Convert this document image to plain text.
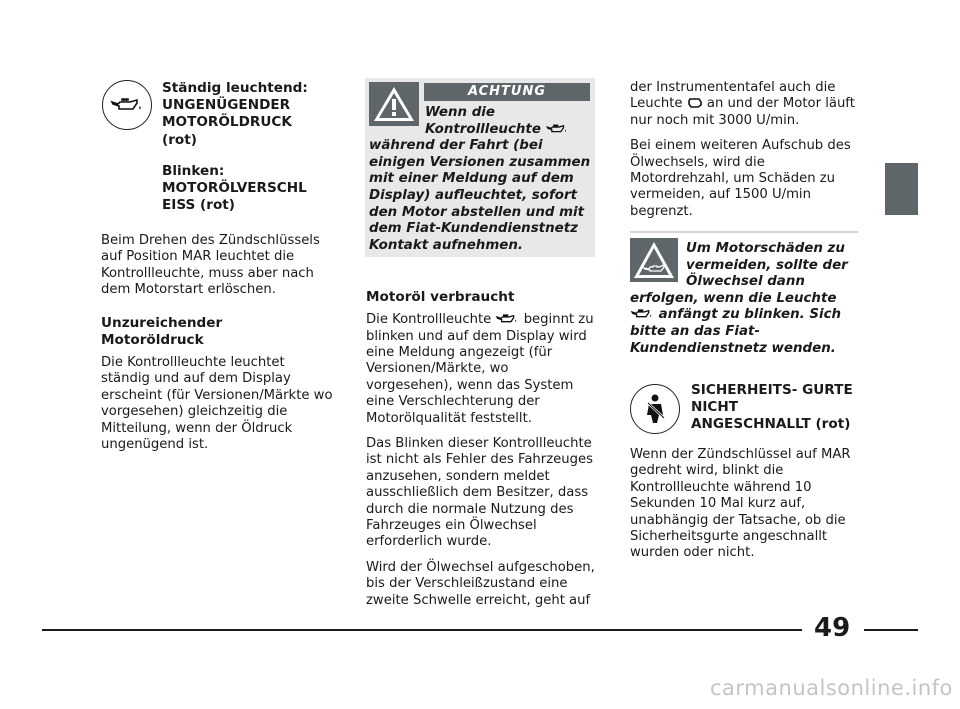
Ständig leuchtend:

UNGENÜGENDER MOTORÖLDRUCK (rot)

Blinken:

MOTORÖLVERSCHL

EISS (rot)

Beim Drehen des Zündschlüssels auf Position MAR leuchtet die Kontrollleuchte, muss aber nach dem Motorstart erlöschen.

Unzureichender

Motoröldruck

Die Kontrollleuchte leuchtet ständig und auf dem Display erscheint (für Versionen/Märkte wo vorgesehen) gleichzeitig die Mitteilung, wenn der Öldruck ungenügend ist.

ACHTUNG

Wenn die

Kontrollleuchte

während der Fahrt (bei einigen Versionen zusammen mit einer Meldung auf dem Display) aufleuchtet, sofort den Motor abstellen und mit dem Fiat-Kundendienstnetz Kontakt aufnehmen.

Motoröl verbraucht

Die Kontrollleuchte beginnt zu blinken und auf dem Display wird eine Meldung angezeigt (für Versionen/Märkte, wo vorgesehen), wenn das System eine Verschlechterung der Motorölqualität feststellt.

Das Blinken dieser Kontrollleuchte ist nicht als Fehler des Fahrzeuges anzusehen, sondern meldet ausschließlich dem Besitzer, dass durch die normale Nutzung des Fahrzeuges ein Ölwechsel erforderlich wurde.

Wird der Ölwechsel aufgeschoben, bis der Verschleißzustand eine zweite Schwelle erreicht, geht auf

der Instrumententafel auch die Leuchte an und der Motor läuft nur noch mit 3000 U/min.

Bei einem weiteren Aufschub des Ölwechsels, wird die Motordrehzahl, um Schäden zu vermeiden, auf 1500 U/min begrenzt.

Um Motorschäden zu vermeiden, sollte der Ölwechsel dann

erfolgen, wenn die Leuchte  anfängt zu blinken. Sich bitte an das Fiat-Kundendienstnetz wenden.

SICHERHEITS- GURTE NICHT ANGESCHNALLT (rot)

Wenn der Zündschlüssel auf MAR gedreht wird, blinkt die Kontrollleuchte während 10 Sekunden 10 Mal kurz auf, unabhängig der Tatsache, ob die Sicherheitsgurte angeschnallt wurden oder nicht.

49
carmanualsonline.info
